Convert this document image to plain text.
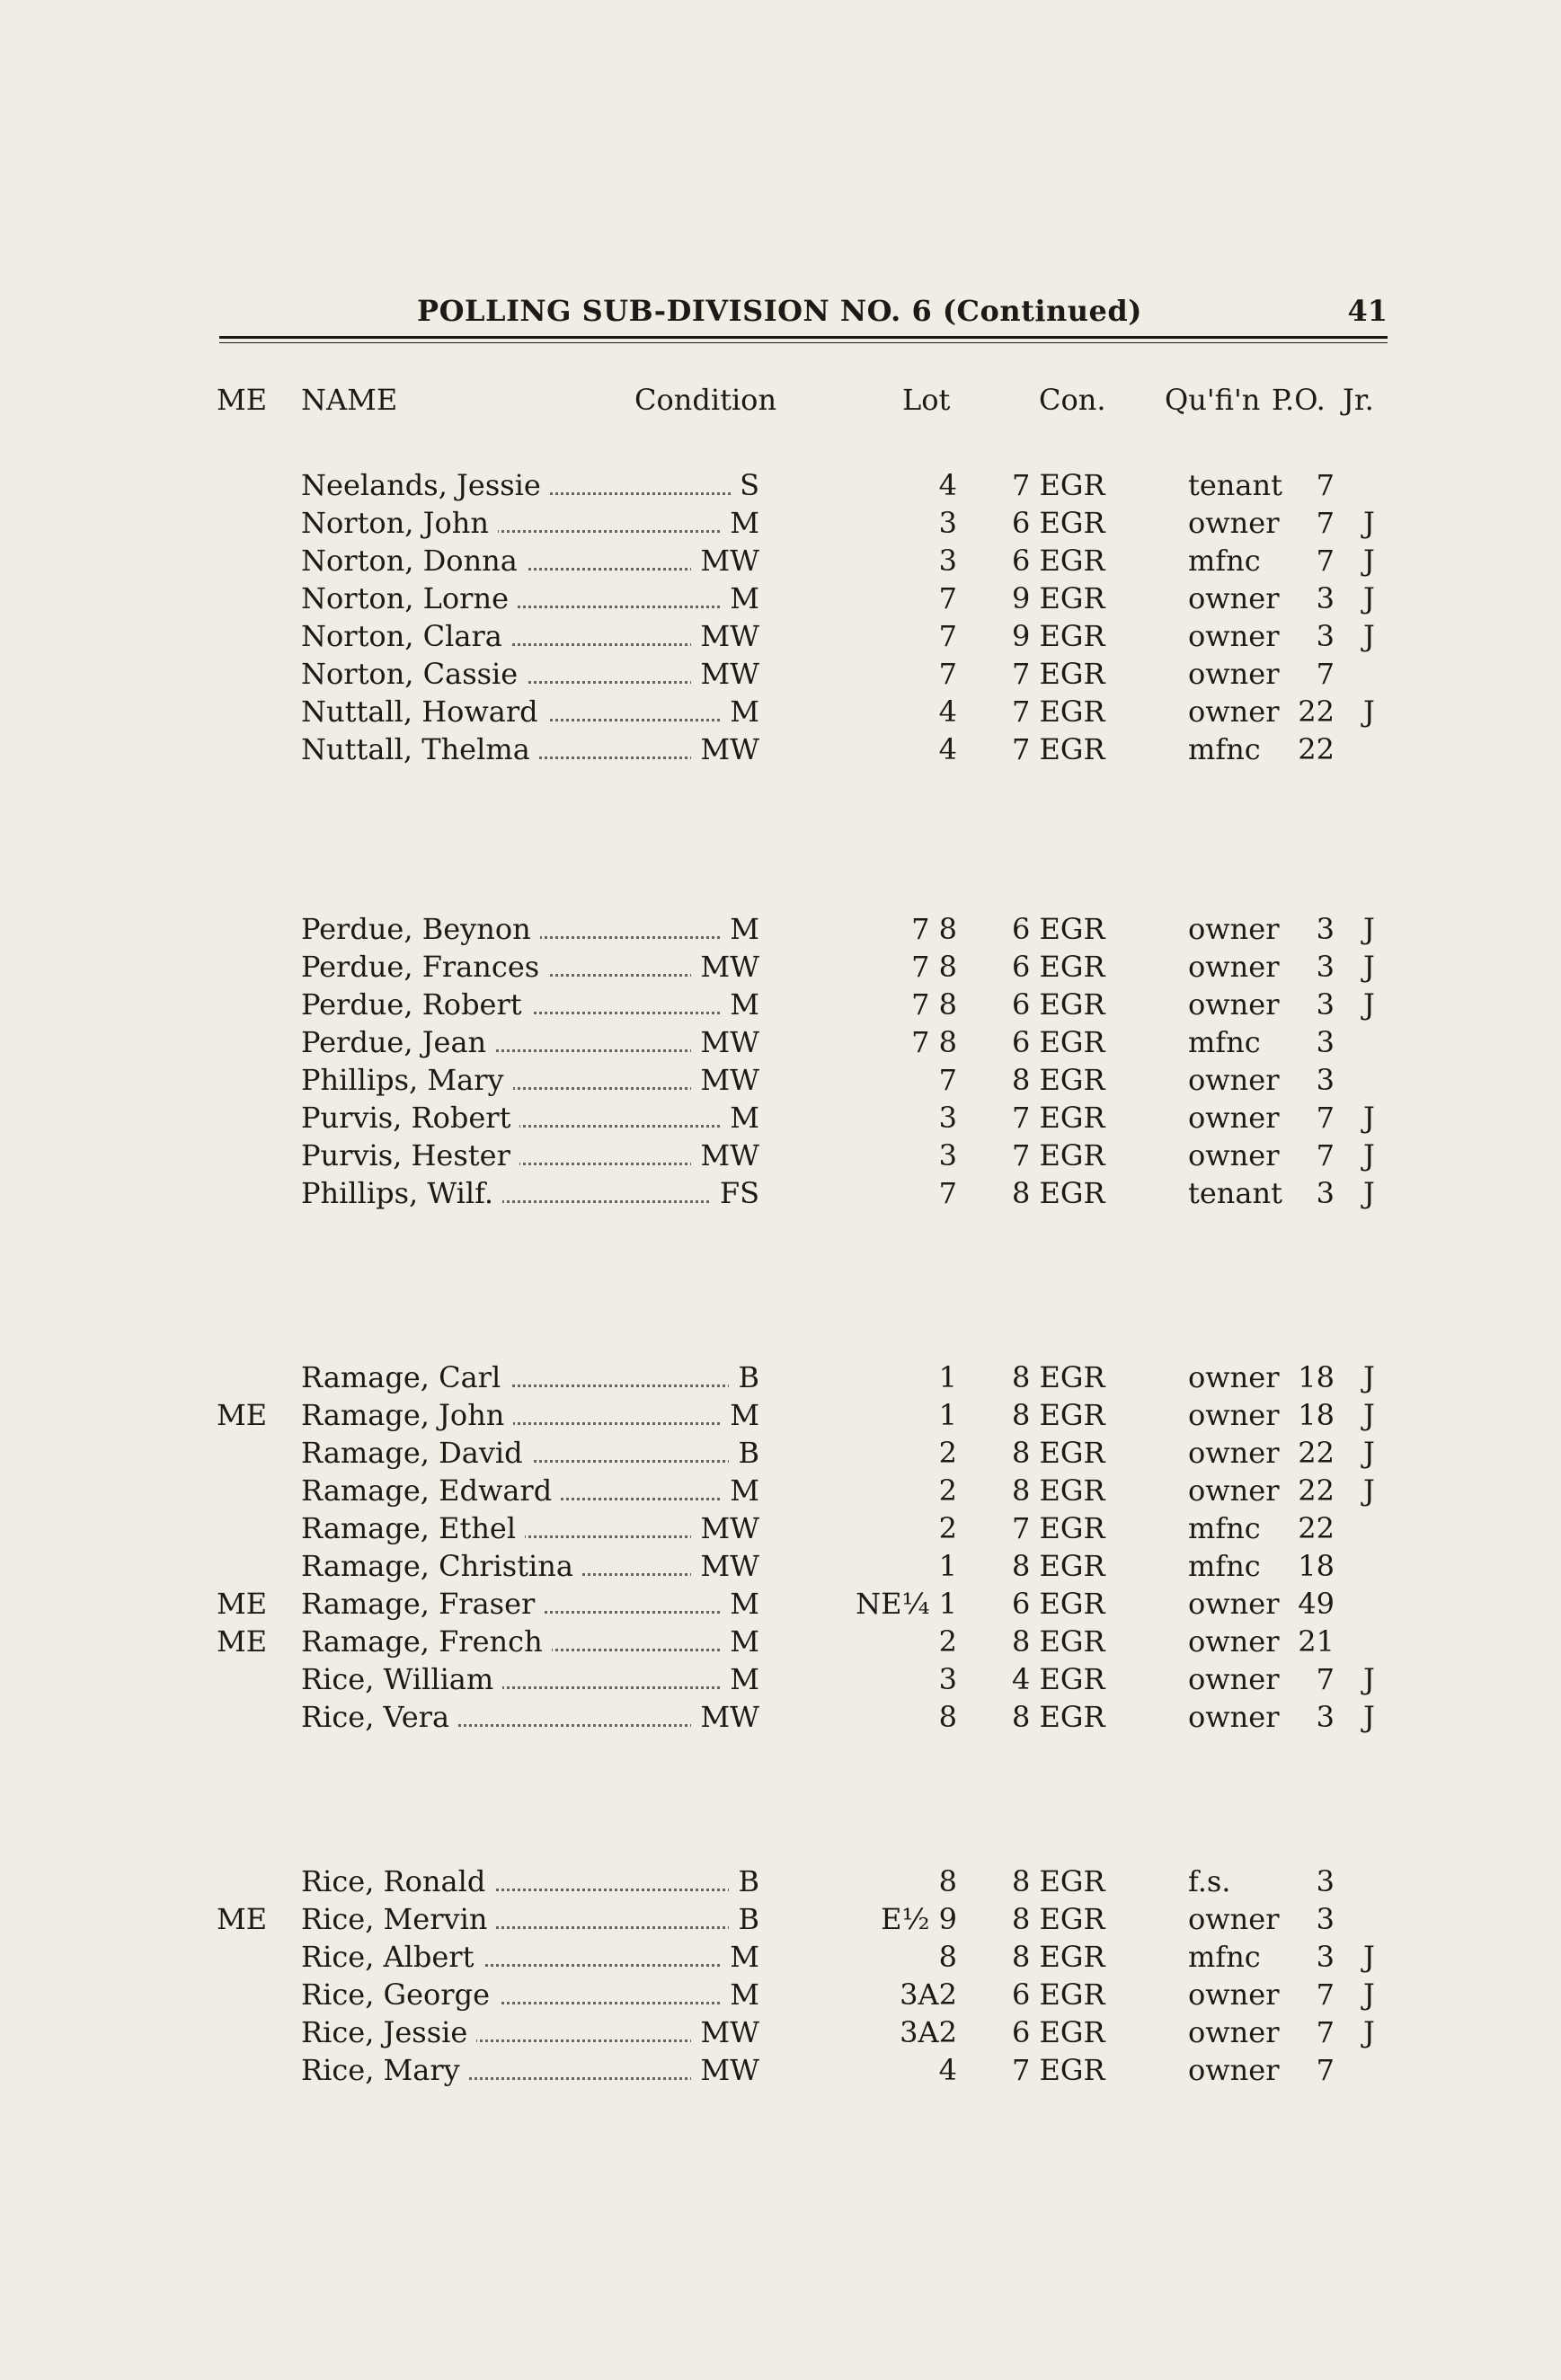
POLLING SUB-DIVISION NO. 6 (Continued)	41
ME NAME	Condition	Lot	Con. Qu'fi'n P.O. Jr.
Neelands, Jessie	S	4 7 EGR	tenant 7
Norton, John	M	3 6 EGR	owner 7 J
Norton, Donna	MW	3 6 EGR	mfnc 7 J
Norton, Lorne	M	7 9 EGR	owner 3 J
Norton, Clara	MW	7 9 EGR	owner 3 J
Norton, Cassie	MW	7 7 EGR	owner 7
Nuttall, Howard	M	4 7 EGR	owner 22 J
Nuttall, Thelma	MW	4 7 EGR	mfnc 22
Perdue, Beynon	M	7 8 6 EGR	owner 3 J
Perdue, Frances	MW	7 8 6 EGR	owner 3 J
Perdue, Robert	M	7 8 6 EGR	owner 3 J
Perdue, Jean	MW	7 8 6 EGR	mfnc 3
Phillips, Mary	MW	7 8 EGR	owner 3
Purvis, Robert	M	3 7 EGR	owner 7 J
Purvis, Hester	MW	3 7 EGR	owner 7 J
Phillips, Wilf.	FS	7 8 EGR	tenant 3 J
Ramage, Carl	B	1 8 EGR	owner 18 J
ME Ramage, John	M	1 8 EGR	owner 18 J
Ramage, David	B	2 8 EGR	owner 22 J
Ramage, Edward	M	2 8 EGR	owner 22 J
Ramage, Ethel	MW	2 7 EGR	mfnc 22
Ramage, Christina	MW	1 8 EGR	mfnc 18
ME Ramage, Fraser	M	NE¼ 1 6 EGR	owner 49
ME Ramage, French	M	2 8 EGR	owner 21
Rice, William	M	3 4 EGR	owner 7 J
Rice, Vera	MW	8 8 EGR	owner 3 J
Rice, Ronald	B	8 8 EGR	f.s.	3
ME Rice, Mervin	B	E½ 9 8 EGR	owner 3
Rice, Albert	M	8 8 EGR	mfnc 3 J
Rice, George	M	3A2 6 EGR	owner 7 J
Rice, Jessie	MW	3A2 6 EGR	owner 7 J
Rice, Mary	MW	4 7 EGR	owner 7
